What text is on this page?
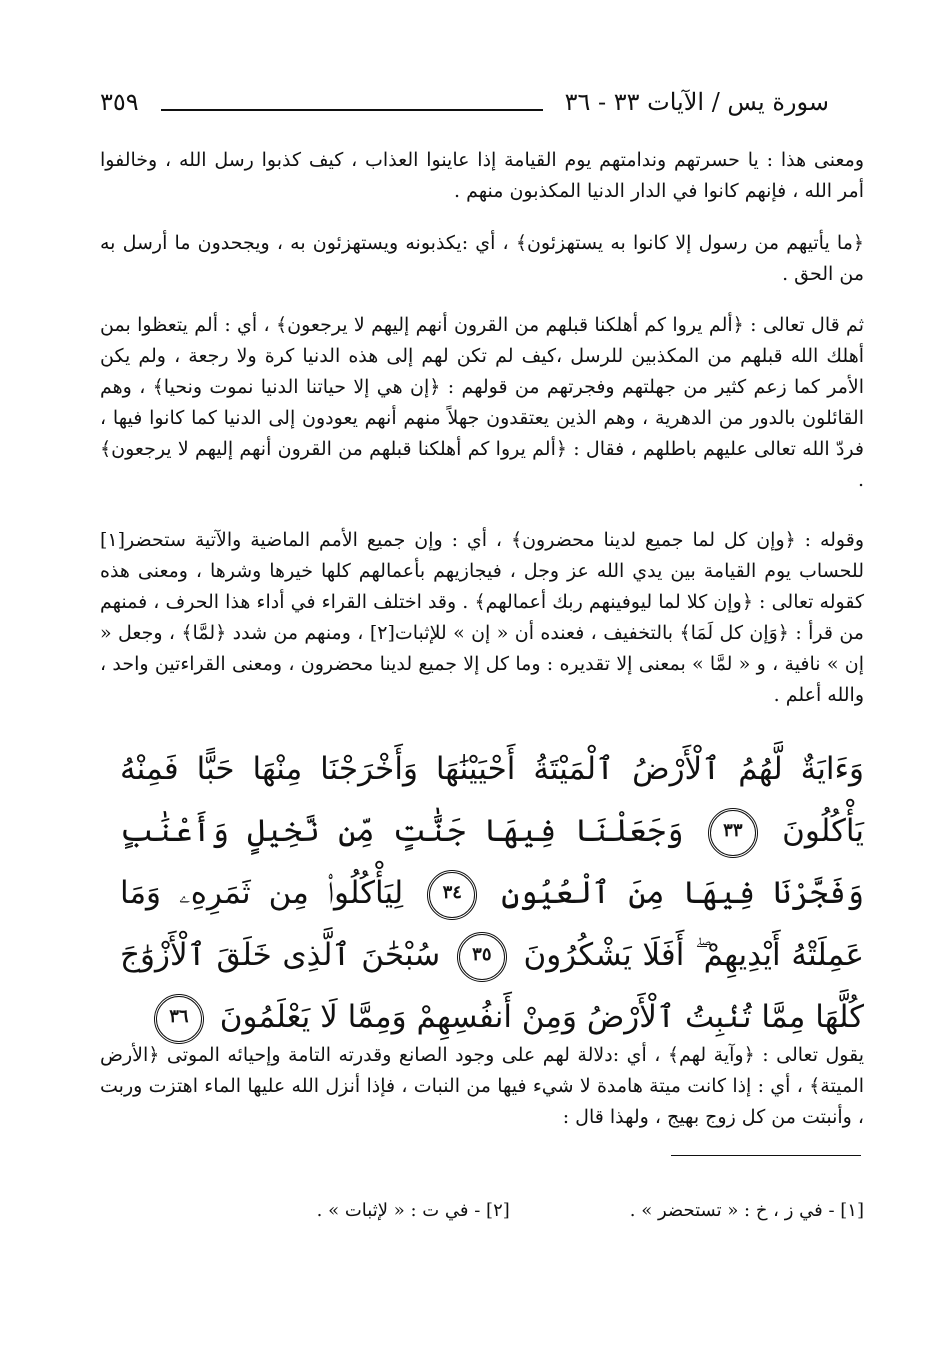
سورة يس / الآيات ٣٣ - ٣٦
٣٥٩
ومعنى هذا : يا حسرتهم وندامتهم يوم القيامة إذا عاينوا العذاب ، كيف كذبوا رسل الله ، وخالفوا أمر الله ، فإنهم كانوا في الدار الدنيا المكذبون منهم .
﴿ما يأتيهم من رسول إلا كانوا به يستهزئون﴾ ، أي :يكذبونه ويستهزئون به ، ويجحدون ما أرسل به من الحق .
ثم قال تعالى : ﴿ألم يروا كم أهلكنا قبلهم من القرون أنهم إليهم لا يرجعون﴾ ، أي : ألم يتعظوا بمن أهلك الله قبلهم من المكذبين للرسل ،كيف لم تكن لهم إلى هذه الدنيا كرة ولا رجعة ، ولم يكن الأمر كما زعم كثير من جهلتهم وفجرتهم من قولهم : ﴿إن هي إلا حياتنا الدنيا نموت ونحيا﴾ ، وهم القائلون بالدور من الدهرية ، وهم الذين يعتقدون جهلاً منهم أنهم يعودون إلى الدنيا كما كانوا فيها ، فردّ الله تعالى عليهم باطلهم ، فقال : ﴿ألم يروا كم أهلكنا قبلهم من القرون أنهم إليهم لا يرجعون﴾ .
وقوله : ﴿وإن كل لما جميع لدينا محضرون﴾ ، أي : وإن جميع الأمم الماضية والآتية ستحضر[١] للحساب يوم القيامة بين يدي الله عز وجل ، فيجازيهم بأعمالهم كلها خيرها وشرها ، ومعنى هذه كقوله تعالى : ﴿وإن كلا لما ليوفينهم ربك أعمالهم﴾ . وقد اختلف القراء في أداء هذا الحرف ، فمنهم من قرأ : ﴿وَإن كل لَمَا﴾ بالتخفيف ، فعنده أن « إن » للإثبات[٢] ، ومنهم من شدد ﴿لمَّا﴾ ، وجعل « إن » نافية ، و « لمَّا » بمعنى إلا تقديره : وما كل إلا جميع لدينا محضرون ، ومعنى القراءتين واحد ، والله أعلم .
وَءَايَةٌ لَّهُمُ ٱلْأَرْضُ ٱلْمَيْتَةُ أَحْيَيْنَٰهَا وَأَخْرَجْنَا مِنْهَا حَبًّا فَمِنْهُ يَأْكُلُونَ ٣٣ وَجَعَلْنَا فِيهَا جَنَّٰتٍ مِّن نَّخِيلٍ وَأَعْنَٰبٍ وَفَجَّرْنَا فِيهَا مِنَ ٱلْعُيُونِ ٣٤ لِيَأْكُلُوا۟ مِن ثَمَرِهِۦ وَمَا عَمِلَتْهُ أَيْدِيهِمْ ۖ أَفَلَا يَشْكُرُونَ ٣٥ سُبْحَٰنَ ٱلَّذِى خَلَقَ ٱلْأَزْوَٰجَ كُلَّهَا مِمَّا تُنۢبِتُ ٱلْأَرْضُ وَمِنْ أَنفُسِهِمْ وَمِمَّا لَا يَعْلَمُونَ ٣٦
يقول تعالى : ﴿وآية لهم﴾ ، أي :دلالة لهم على وجود الصانع وقدرته التامة وإحيائه الموتى ﴿الأرض الميتة﴾ ، أي : إذا كانت ميتة هامدة لا شيء فيها من النبات ، فإذا أنزل الله عليها الماء اهتزت وربت ، وأنبتت من كل زوج بهيج ، ولهذا قال :
[١] - في ز ، خ : « تستحضر » .
[٢] - في ت : « لإثبات » .
